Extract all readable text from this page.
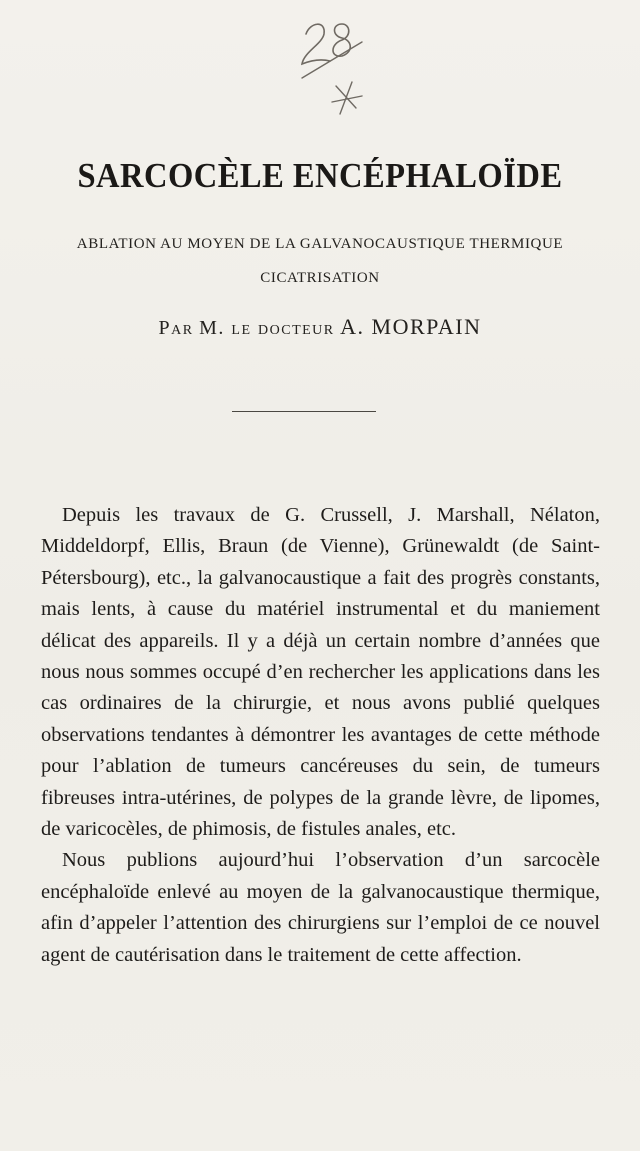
SARCOCÈLE ENCÉPHALOÏDE
ABLATION AU MOYEN DE LA GALVANOCAUSTIQUE THERMIQUE
CICATRISATION
Par M. le docteur A. MORPAIN

Depuis les travaux de G. Crussell, J. Marshall, Nélaton, Middeldorpf, Ellis, Braun (de Vienne), Grünewaldt (de Saint-Pétersbourg), etc., la galvanocaustique a fait des progrès constants, mais lents, à cause du matériel instrumental et du maniement délicat des appareils. Il y a déjà un certain nombre d’années que nous nous sommes occupé d’en rechercher les applications dans les cas ordinaires de la chirurgie, et nous avons publié quelques observations tendantes à démontrer les avantages de cette méthode pour l’ablation de tumeurs cancéreuses du sein, de tumeurs fibreuses intra-utérines, de polypes de la grande lèvre, de lipomes, de varicocèles, de phimosis, de fistules anales, etc.

Nous publions aujourd’hui l’observation d’un sarcocèle encéphaloïde enlevé au moyen de la galvanocaustique thermique, afin d’appeler l’attention des chirurgiens sur l’emploi de ce nouvel agent de cautérisation dans le traitement de cette affection.
